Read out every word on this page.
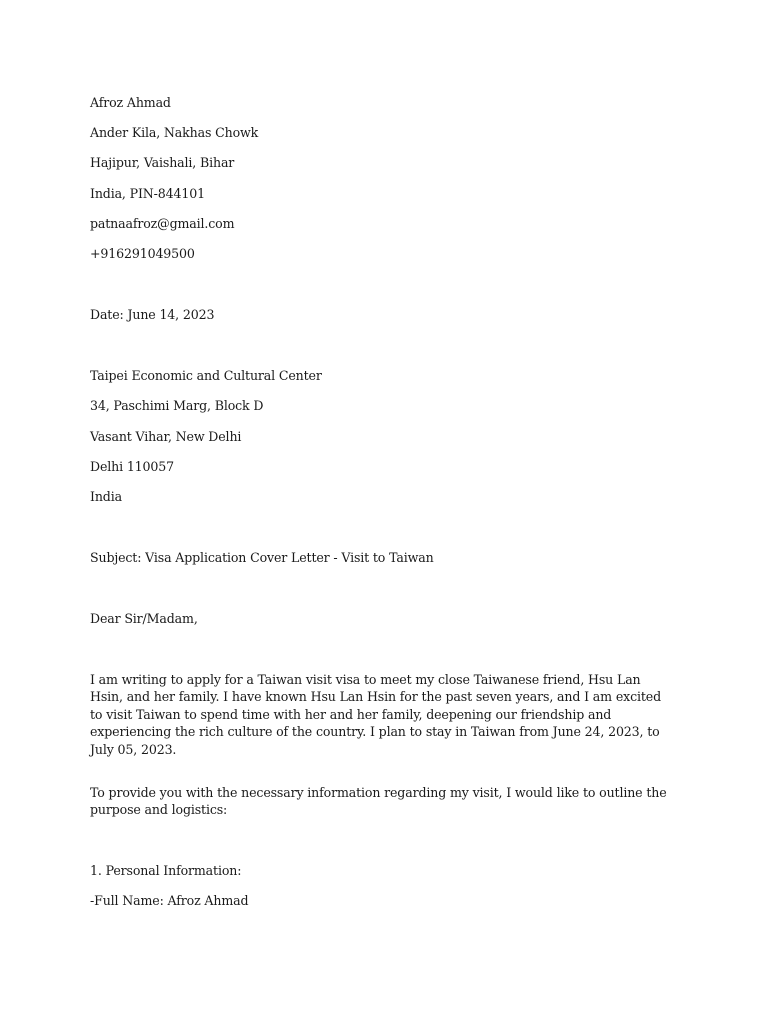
Afroz Ahmad
Ander Kila, Nakhas Chowk
Hajipur, Vaishali, Bihar
India, PIN-844101
patnaafroz@gmail.com
+916291049500
Date: June 14, 2023
Taipei Economic and Cultural Center
34, Paschimi Marg, Block D
Vasant Vihar, New Delhi
Delhi 110057
India
Subject: Visa Application Cover Letter - Visit to Taiwan
Dear Sir/Madam,
I am writing to apply for a Taiwan visit visa to meet my close Taiwanese friend, Hsu Lan Hsin, and her family. I have known Hsu Lan Hsin for the past seven years, and I am excited to visit Taiwan to spend time with her and her family, deepening our friendship and experiencing the rich culture of the country. I plan to stay in Taiwan from June 24, 2023, to July 05, 2023.
To provide you with the necessary information regarding my visit, I would like to outline the purpose and logistics:
1. Personal Information:
-Full Name: Afroz Ahmad
